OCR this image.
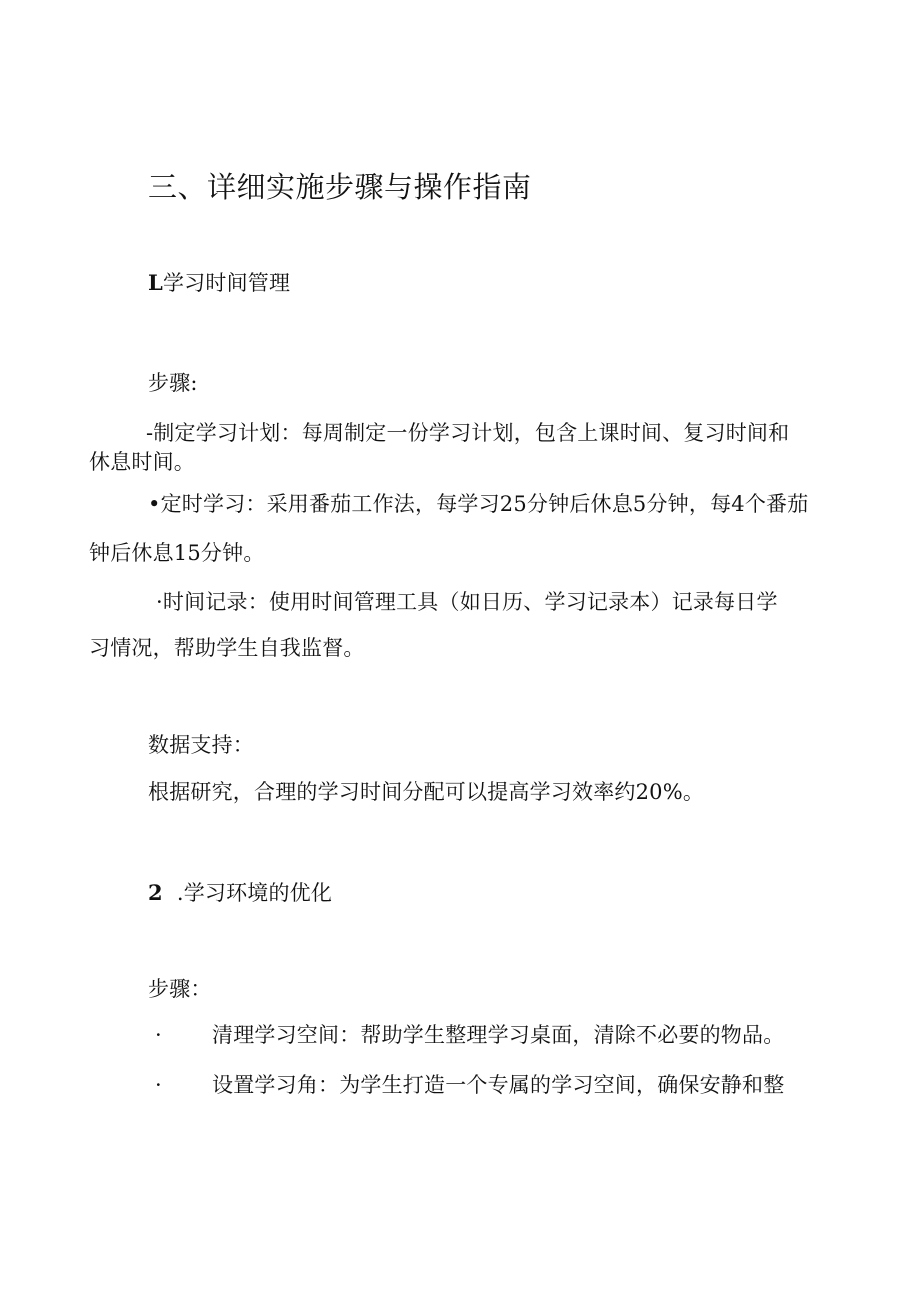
三、详细实施步骤与操作指南

L学习时间管理

步骤:

-制定学习计划：每周制定一份学习计划，包含上课时间、复习时间和

休息时间。

•定时学习：采用番茄工作法，每学习25分钟后休息5分钟，每4个番茄

钟后休息15分钟。

·时间记录：使用时间管理工具（如日历、学习记录本）记录每日学

习情况，帮助学生自我监督。

数据支持：

根据研究，合理的学习时间分配可以提高学习效率约20%。

2 .学习环境的优化

步骤：

· 清理学习空间：帮助学生整理学习桌面，清除不必要的物品。

· 设置学习角：为学生打造一个专属的学习空间，确保安静和整
